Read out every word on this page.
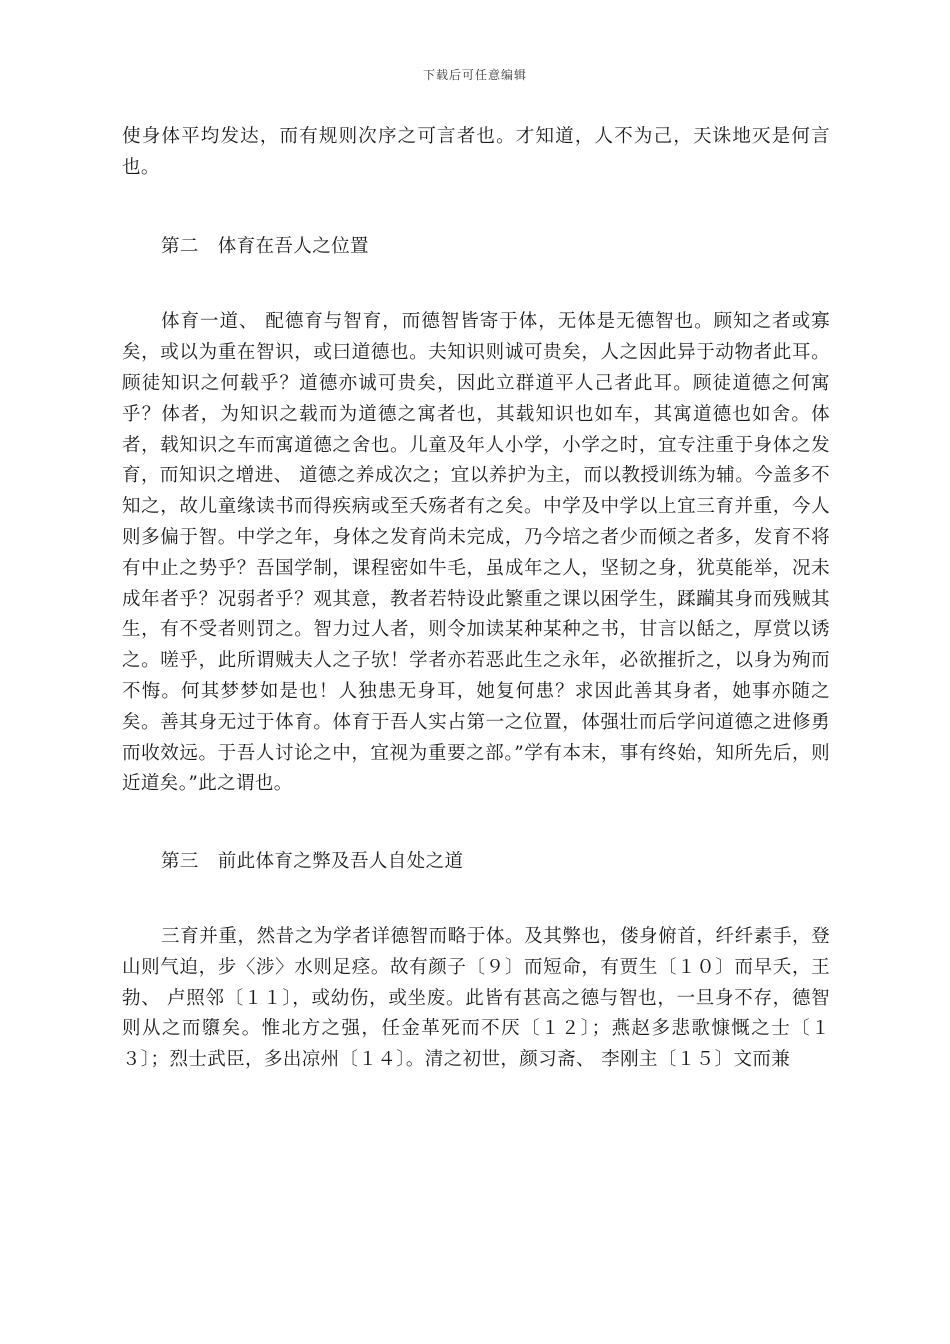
下载后可任意编辑

使身体平均发达，而有规则次序之可言者也。才知道，人不为己，天诛地灭是何言也。

第二　体育在吾人之位置

体育一道、 配德育与智育，而德智皆寄于体，无体是无德智也。顾知之者或寡矣，或以为重在智识，或曰道德也。夫知识则诚可贵矣，人之因此异于动物者此耳。顾徒知识之何载乎？道德亦诚可贵矣，因此立群道平人己者此耳。顾徒道德之何寓乎？体者，为知识之载而为道德之寓者也，其载知识也如车，其寓道德也如舍。体者，载知识之车而寓道德之舍也。儿童及年人小学，小学之时，宜专注重于身体之发育，而知识之增进、 道德之养成次之；宜以养护为主，而以教授训练为辅。今盖多不知之，故儿童缘读书而得疾病或至夭殇者有之矣。中学及中学以上宜三育并重，今人则多偏于智。中学之年，身体之发育尚未完成，乃今培之者少而倾之者多，发育不将有中止之势乎？吾国学制，课程密如牛毛，虽成年之人，坚韧之身，犹莫能举，况未成年者乎？况弱者乎？观其意，教者若特设此繁重之课以困学生，蹂躏其身而残贼其生，有不受者则罚之。智力过人者，则令加读某种某种之书，甘言以餂之，厚赏以诱之。嗟乎，此所谓贼夫人之子欤！学者亦若恶此生之永年，必欲摧折之，以身为殉而不悔。何其梦梦如是也！人独患无身耳，她复何患？求因此善其身者，她事亦随之矣。善其身无过于体育。体育于吾人实占第一之位置，体强壮而后学问道德之进修勇而收效远。于吾人讨论之中，宜视为重要之部。”学有本末，事有终始，知所先后，则近道矣。”此之谓也。

第三　前此体育之弊及吾人自处之道

三育并重，然昔之为学者详德智而略于体。及其弊也，偻身俯首，纤纤素手，登山则气迫，步〈涉〉水则足痉。故有颜子〔９〕而短命，有贾生〔１０〕而早夭，王勃、 卢照邻〔１１〕，或幼伤，或坐废。此皆有甚高之德与智也，一旦身不存，德智则从之而隳矣。惟北方之强，任金革死而不厌〔１２〕；燕赵多悲歌慷慨之士〔１３〕；烈士武臣，多出凉州〔１４〕。清之初世，颜习斋、 李刚主〔１５〕文而兼
